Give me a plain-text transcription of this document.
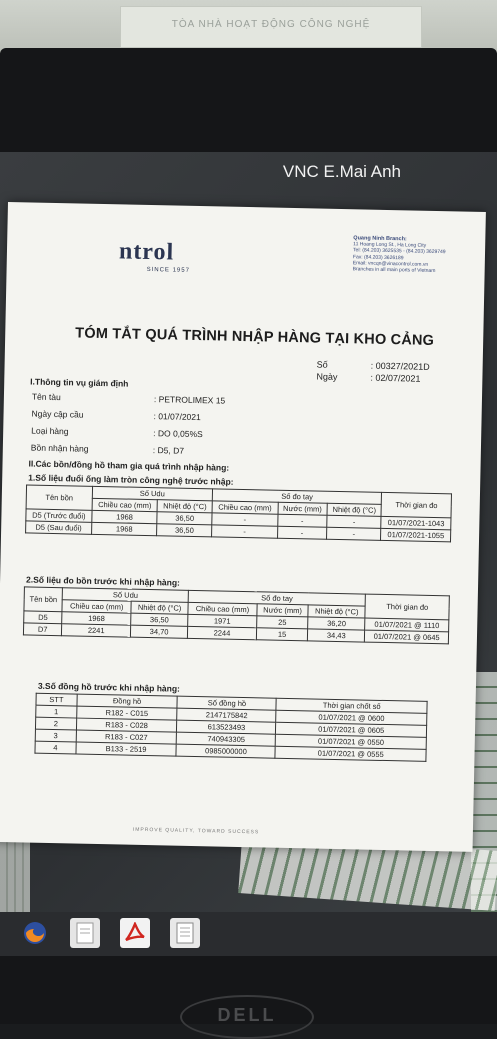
TÒA NHÀ HOẠT ĐỘNG CÔNG NGHỆ
VNC E.Mai Anh
ntrol
SINCE 1957
Quang Ninh Branch:
11 Hoang Long St., Ha Long City
Tel: (84.203) 3625535 - (84.203) 3629749
Fax: (84.203) 3626189
Email: vncqn@vinacontrol.com.vn
Branches in all main ports of Vietnam
TÓM TẮT QUÁ TRÌNH NHẬP HÀNG TẠI KHO CẢNG
Số	: 00327/2021D
Ngày	: 02/07/2021
I.Thông tin vụ giám định
Tên tàu	: PETROLIMEX 15
Ngày cập cầu	: 01/07/2021
Loại hàng	: DO 0,05%S
Bồn nhận hàng	: D5, D7
II.Các bồn/đồng hồ tham gia quá trình nhập hàng:
1.Số liệu đuổi ống làm tròn công nghệ trước nhập:
Tên bồn	Số Udu		Số đo tay			Thời gian đo
	Chiều cao (mm)	Nhiệt độ (°C)	Chiều cao (mm)	Nước (mm)	Nhiệt độ (°C)	
D5 (Trước đuổi)	1968	36,50	-	-	-	01/07/2021-1043
D5 (Sau đuổi)	1968	36,50	-	-	-	01/07/2021-1055
2.Số liệu đo bồn trước khi nhập hàng:
Tên bồn	Số Udu		Số đo tay			Thời gian đo
	Chiều cao (mm)	Nhiệt độ (°C)	Chiều cao (mm)	Nước (mm)	Nhiệt độ (°C)	
D5	1968	36,50	1971	25	36,20	01/07/2021 @ 1110
D7	2241	34,70	2244	15	34,43	01/07/2021 @ 0645
3.Số đồng hồ trước khi nhập hàng:
STT	Đồng hồ	Số đồng hồ	Thời gian chốt số
1	R182 - C015	2147175842	01/07/2021 @ 0600
2	R183 - C028	613523493	01/07/2021 @ 0605
3	R183 - C027	740943305	01/07/2021 @ 0550
4	B133 - 2519	0985000000	01/07/2021 @ 0555
IMPROVE QUALITY, TOWARD SUCCESS
DELL
